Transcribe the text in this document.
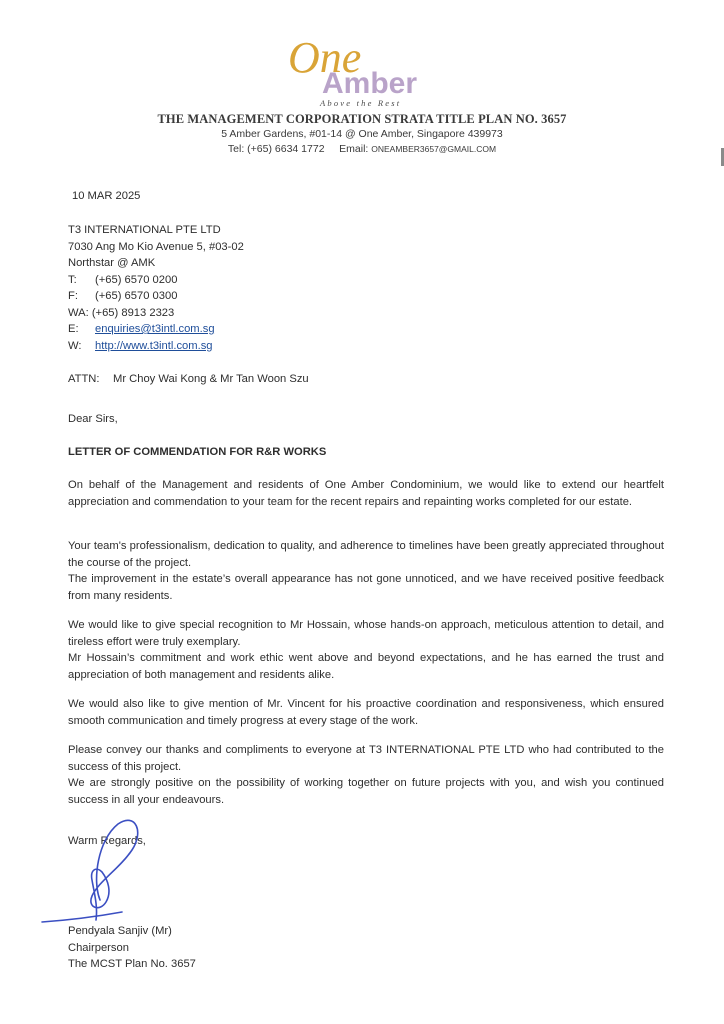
One
Amber
Above the Rest
THE MANAGEMENT CORPORATION STRATA TITLE PLAN NO. 3657
5 Amber Gardens, #01-14 @ One Amber, Singapore 439973
Tel: (+65) 6634 1772 Email: ONEAMBER3657@GMAIL.COM
10 MAR 2025
T3 INTERNATIONAL PTE LTD
7030 Ang Mo Kio Avenue 5, #03-02
Northstar @ AMK
T: (+65) 6570 0200
F: (+65) 6570 0300
WA: (+65) 8913 2323
E: enquiries@t3intl.com.sg
W: http://www.t3intl.com.sg
ATTN: Mr Choy Wai Kong & Mr Tan Woon Szu
Dear Sirs,
LETTER OF COMMENDATION FOR R&R WORKS
On behalf of the Management and residents of One Amber Condominium, we would like to extend our heartfelt appreciation and commendation to your team for the recent repairs and repainting works completed for our estate.
Your team's professionalism, dedication to quality, and adherence to timelines have been greatly appreciated throughout the course of the project.
The improvement in the estate’s overall appearance has not gone unnoticed, and we have received positive feedback from many residents.
We would like to give special recognition to Mr Hossain, whose hands-on approach, meticulous attention to detail, and tireless effort were truly exemplary.
Mr Hossain’s commitment and work ethic went above and beyond expectations, and he has earned the trust and appreciation of both management and residents alike.
We would also like to give mention of Mr. Vincent for his proactive coordination and responsiveness, which ensured smooth communication and timely progress at every stage of the work.
Please convey our thanks and compliments to everyone at T3 INTERNATIONAL PTE LTD who had contributed to the success of this project.
We are strongly positive on the possibility of working together on future projects with you, and wish you continued success in all your endeavours.
Warm Regards,
Pendyala Sanjiv (Mr)
Chairperson
The MCST Plan No. 3657
